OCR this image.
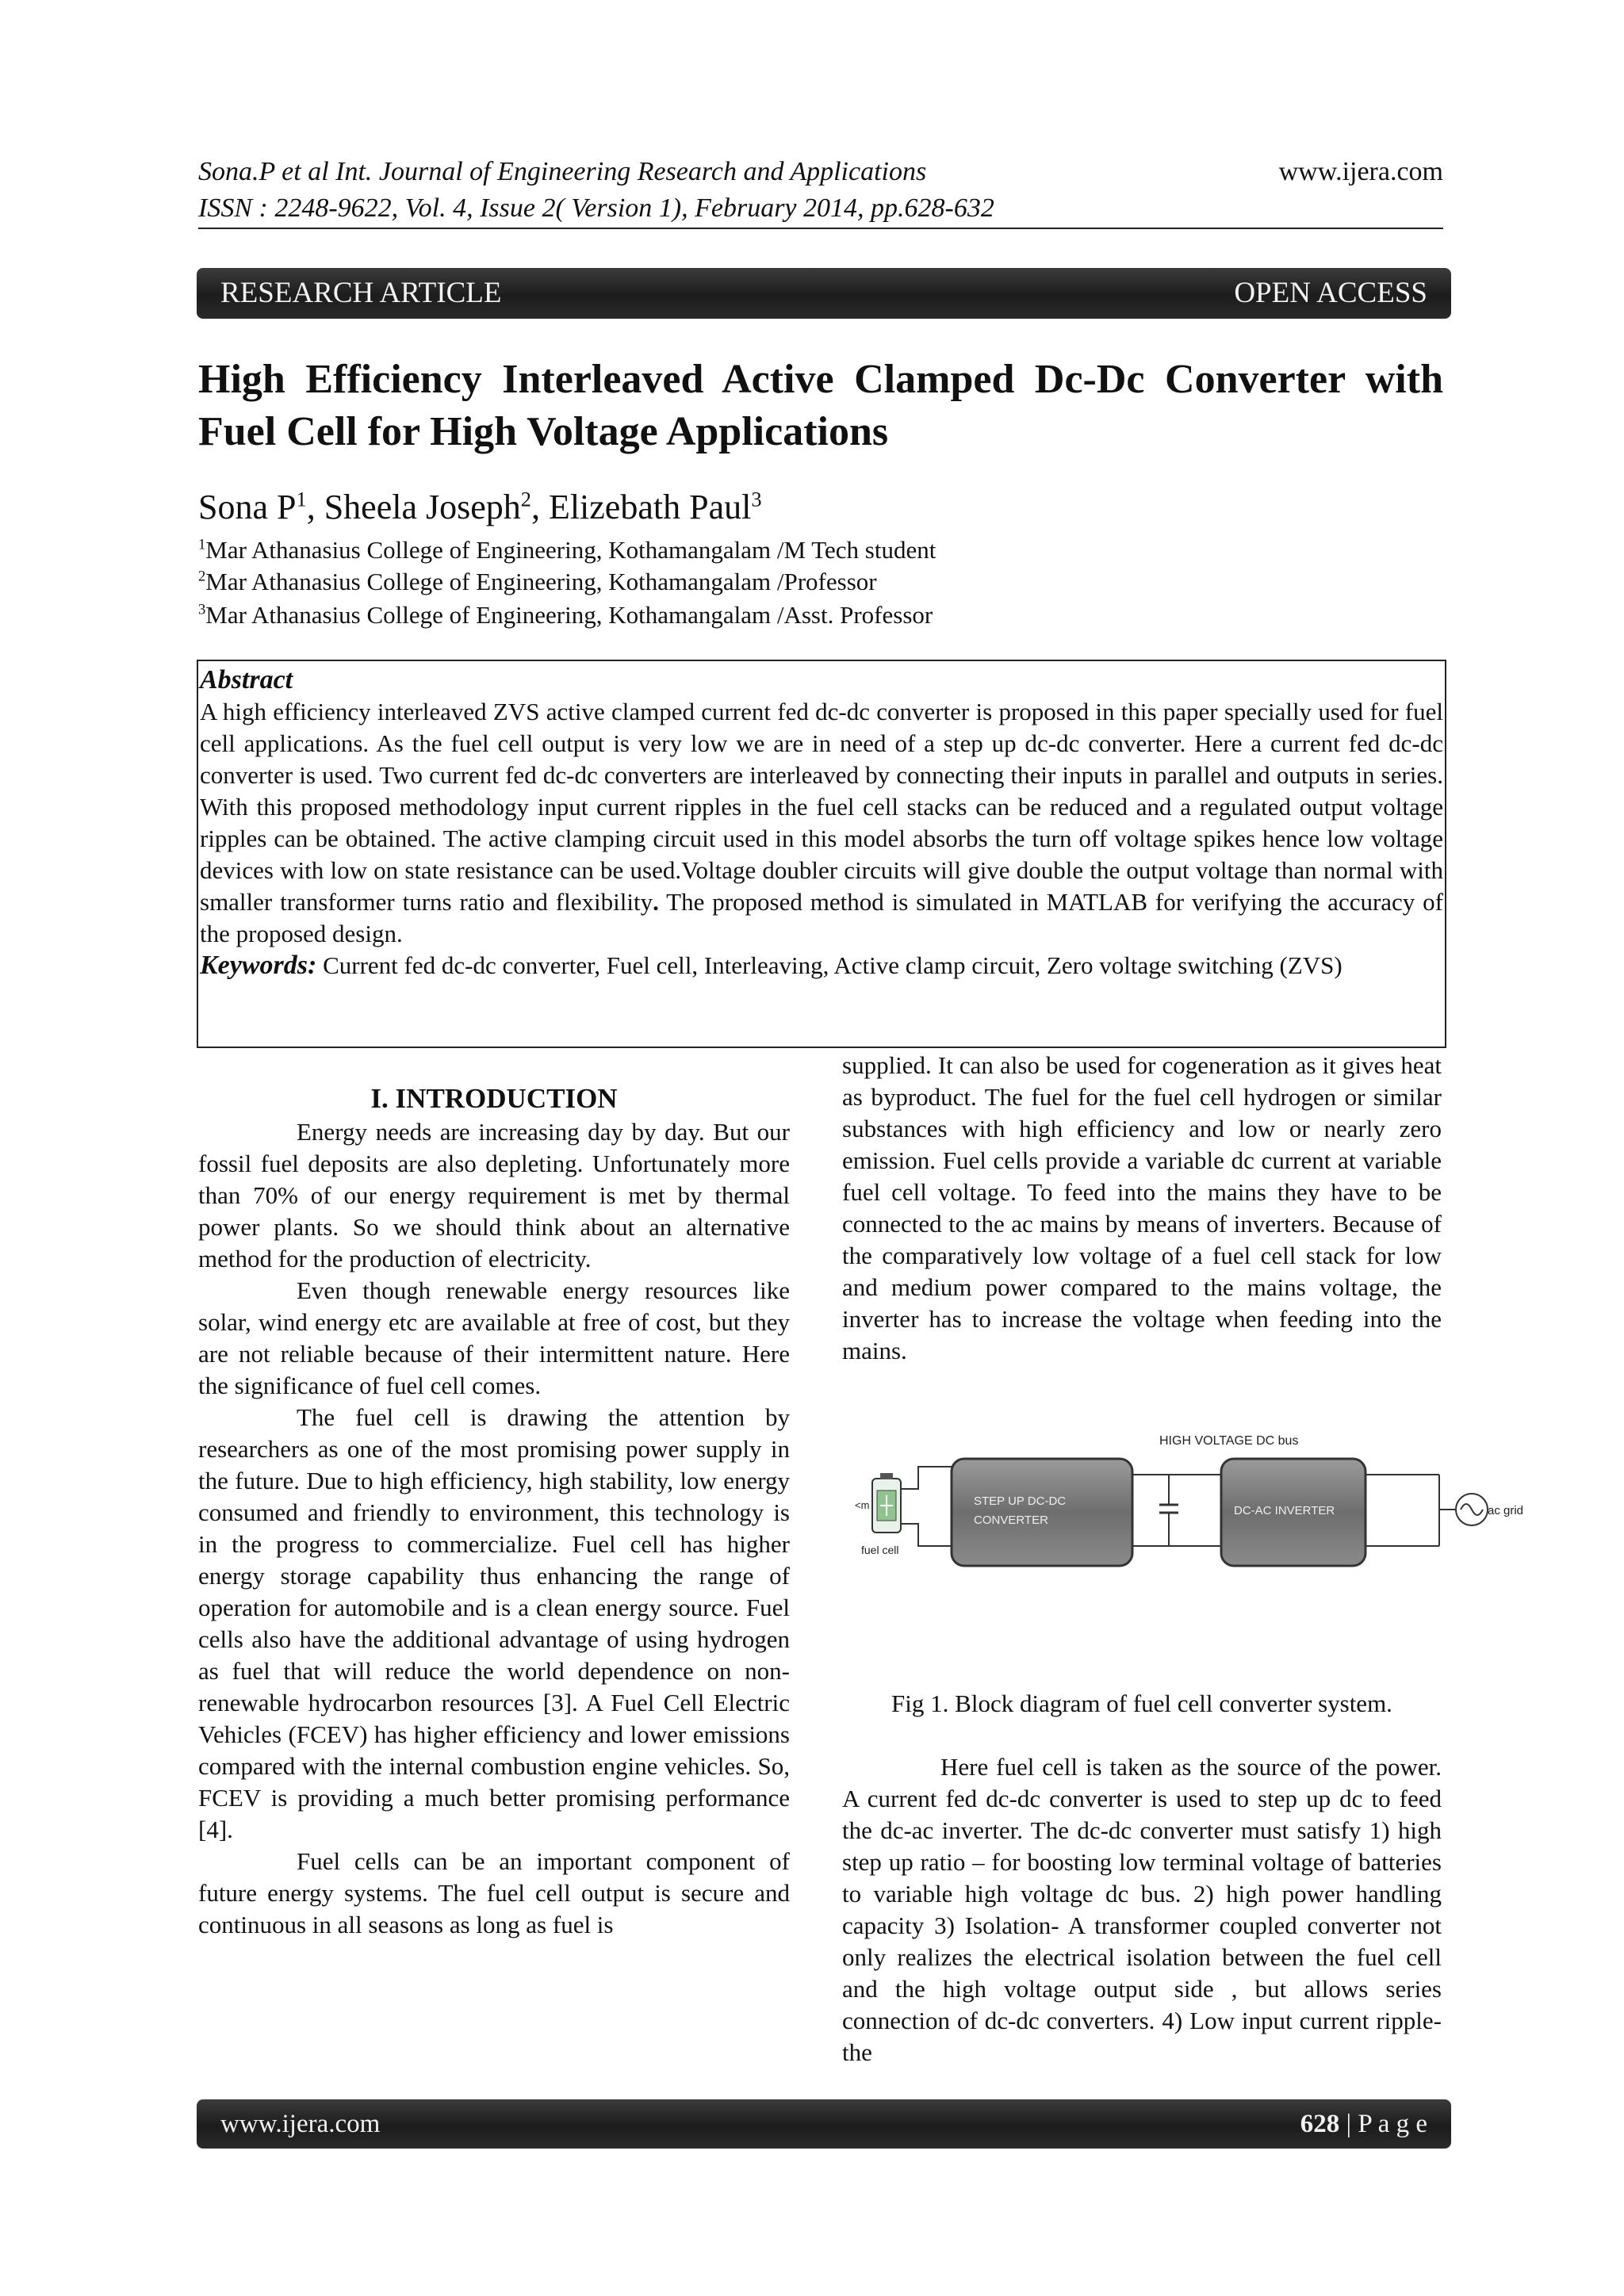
Sona.P et al Int. Journal of Engineering Research and Applications	www.ijera.com
ISSN : 2248-9622, Vol. 4, Issue 2( Version 1), February 2014, pp.628-632
RESEARCH ARTICLE	OPEN ACCESS
High Efficiency Interleaved Active Clamped Dc-Dc Converter with Fuel Cell for High Voltage Applications
Sona $P^1$, Sheela Joseph$^2$, Elizebath Paul$^3$
$^1$Mar Athanasius College of Engineering, Kothamangalam /M Tech student
$^2$Mar Athanasius College of Engineering, Kothamangalam /Professor
$^3$Mar Athanasius College of Engineering, Kothamangalam /Asst. Professor
Abstract

A high efficiency interleaved ZVS active clamped current fed dc-dc converter is proposed in this paper specially used for fuel cell applications. As the fuel cell output is very low we are in need of a step up dc-dc converter. Here a current fed dc-dc converter is used. Two current fed dc-dc converters are interleaved by connecting their inputs in parallel and outputs in series. With this proposed methodology input current ripples in the fuel cell stacks can be reduced and a regulated output voltage ripples can be obtained. The active clamping circuit used in this model absorbs the turn off voltage spikes hence low voltage devices with low on state resistance can be used.Voltage doubler circuits will give double the output voltage than normal with smaller transformer turns ratio and flexibility. The proposed method is simulated in MATLAB for verifying the accuracy of the proposed design.

Keywords: Current fed dc-dc converter, Fuel cell, Interleaving, Active clamp circuit, Zero voltage switching (ZVS)

I. INTRODUCTION

Energy needs are increasing day by day. But our fossil fuel deposits are also depleting. Unfortunately more than 70% of our energy requirement is met by thermal power plants. So we should think about an alternative method for the production of electricity.

Even though renewable energy resources like solar, wind energy etc are available at free of cost, but they are not reliable because of their intermittent nature. Here the significance of fuel cell comes.

The fuel cell is drawing the attention by researchers as one of the most promising power supply in the future. Due to high efficiency, high stability, low energy consumed and friendly to environment, this technology is in the progress to commercialize. Fuel cell has higher energy storage capability thus enhancing the range of operation for automobile and is a clean energy source. Fuel cells also have the additional advantage of using hydrogen as fuel that will reduce the world dependence on non-renewable hydrocarbon resources [3]. A Fuel Cell Electric Vehicles (FCEV) has higher efficiency and lower emissions compared with the internal combustion engine vehicles. So, FCEV is providing a much better promising performance [4].

Fuel cells can be an important component of future energy systems. The fuel cell output is secure and continuous in all seasons as long as fuel is

supplied. It can also be used for cogeneration as it gives heat as byproduct. The fuel for the fuel cell hydrogen or similar substances with high efficiency and low or nearly zero emission. Fuel cells provide a variable dc current at variable fuel cell voltage. To feed into the mains they have to be connected to the ac mains by means of inverters. Because of the comparatively low voltage of a fuel cell stack for low and medium power compared to the mains voltage, the inverter has to increase the voltage when feeding into the mains.

HIGH VOLTAGE DC bus
<m
fuel cell
STEP UP DC-DC
CONVERTER
DC-AC INVERTER	ac grid
Fig 1. Block diagram of fuel cell converter system.

Here fuel cell is taken as the source of the power. A current fed dc-dc converter is used to step up dc to feed the dc-ac inverter. The dc-dc converter must satisfy 1) high step up ratio – for boosting low terminal voltage of batteries to variable high voltage dc bus. 2) high power handling capacity 3) Isolation- A transformer coupled converter not only realizes the electrical isolation between the fuel cell and the high voltage output side , but allows series connection of dc-dc converters. 4) Low input current ripple- the

www.ijera.com	628 | P a g e
